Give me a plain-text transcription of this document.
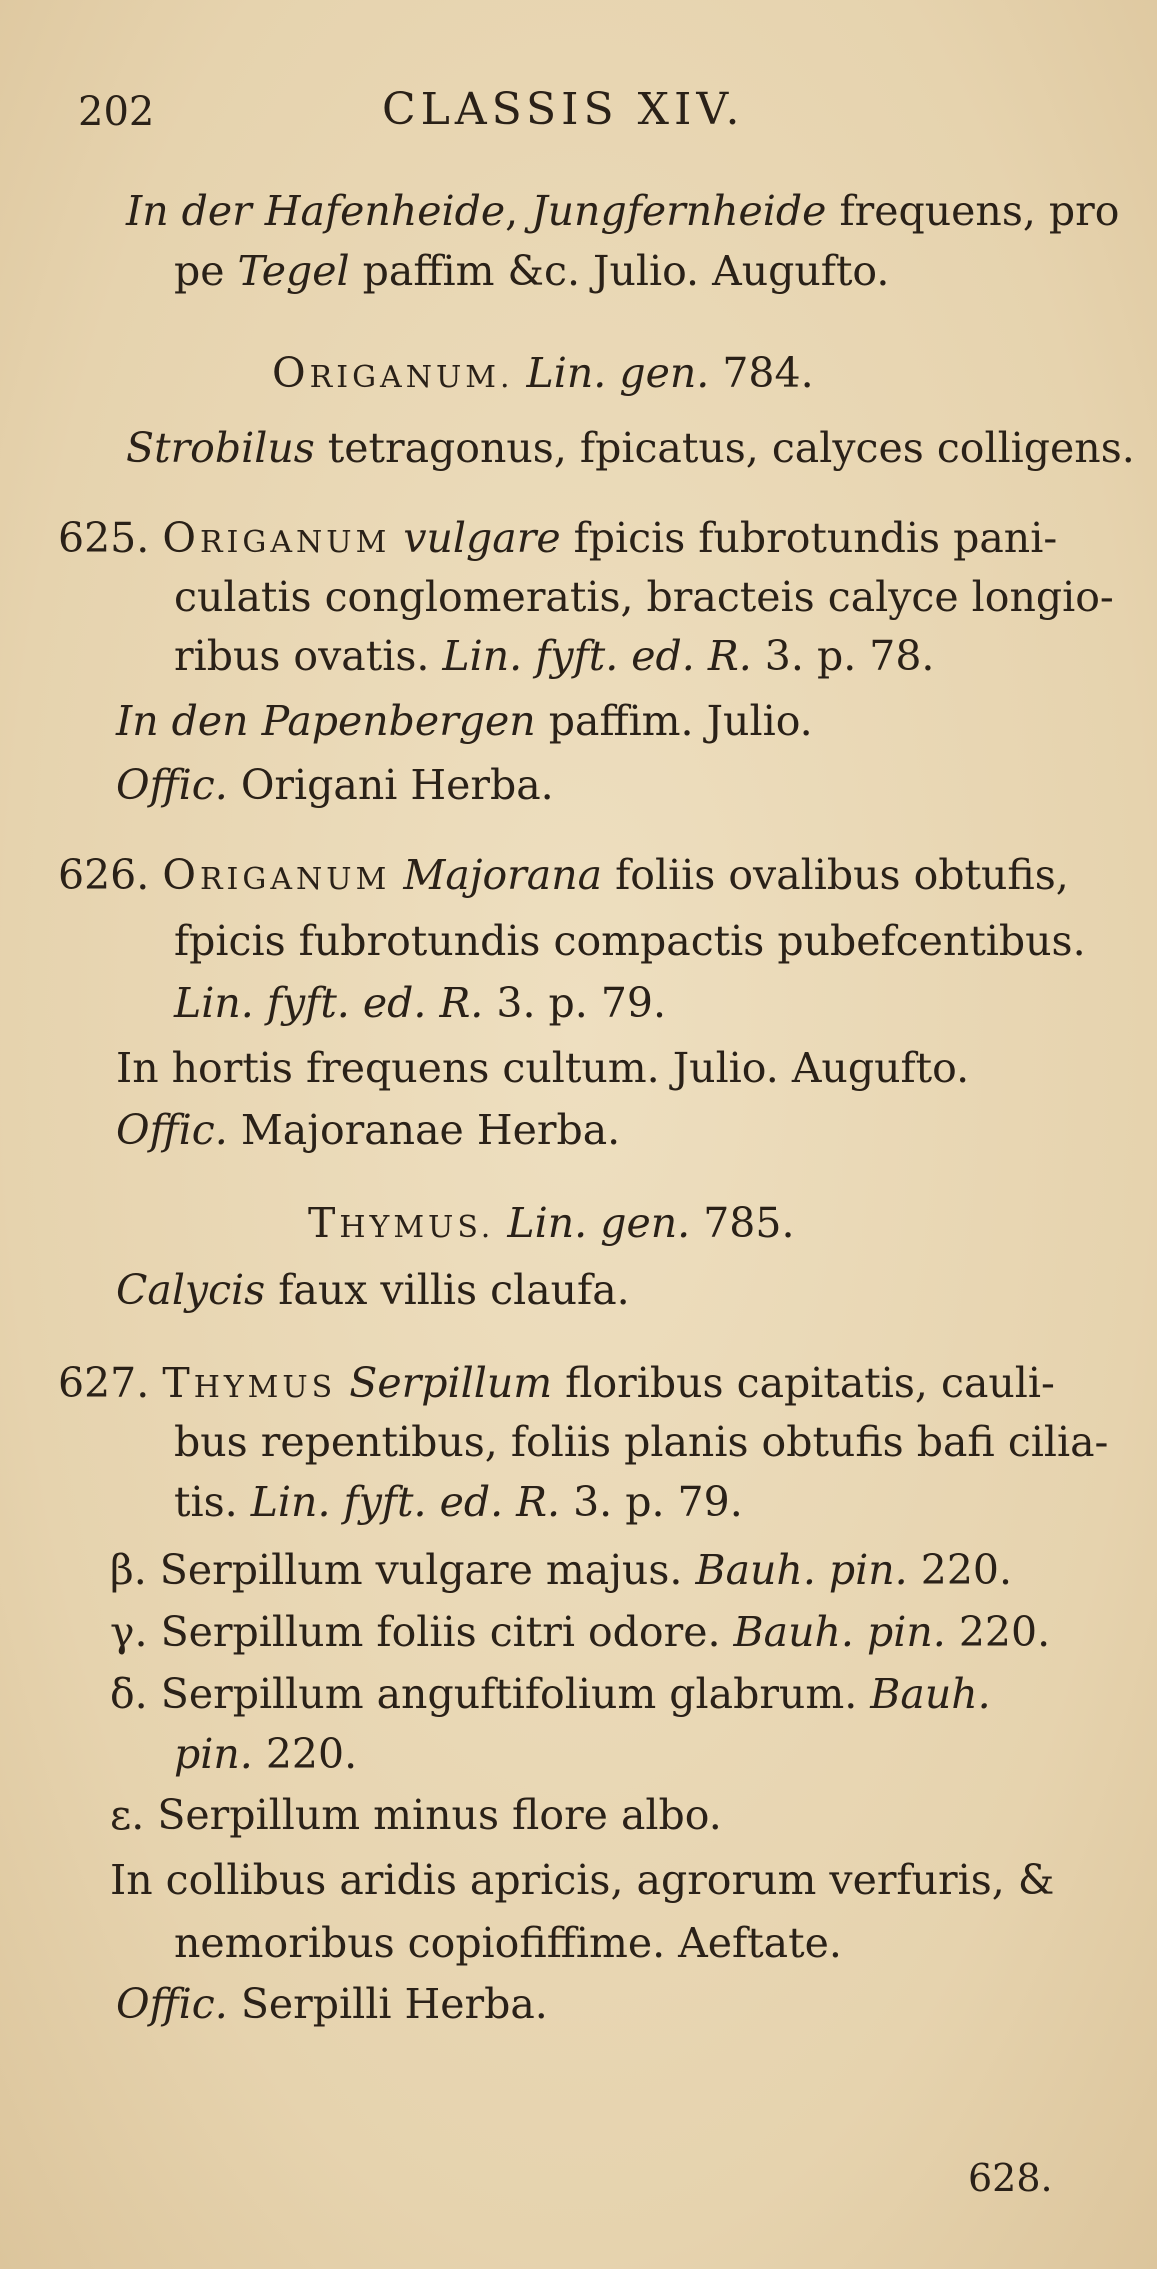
202	CLASSIS XIV.
In der Hafenheide, Jungfernheide frequens, pro
pe Tegel paffim &c. Julio. Augufto.
ORIGANUM. Lin. gen. 784.
Strobilus tetragonus, fpicatus, calyces colligens.
625. ORIGANUM vulgare fpicis fubrotundis pani-
culatis conglomeratis, bracteis calyce longio-
ribus ovatis. Lin. fyft. ed. R. 3. p. 78.
In den Papenbergen paffim. Julio.
Offic. Origani Herba.
626. ORIGANUM Majorana foliis ovalibus obtufis,
fpicis fubrotundis compactis pubefcentibus.
Lin. fyft. ed. R. 3. p. 79.
In hortis frequens cultum. Julio. Augufto.
Offic. Majoranae Herba.
THYMUS. Lin. gen. 785.
Calycis faux villis claufa.
627. THYMUS Serpillum floribus capitatis, cauli-
bus repentibus, foliis planis obtufis bafi cilia-
tis. Lin. fyft. ed. R. 3. p. 79.
β. Serpillum vulgare majus. Bauh. pin. 220.
γ. Serpillum foliis citri odore. Bauh. pin. 220.
δ. Serpillum anguftifolium glabrum. Bauh.
pin. 220.
ε. Serpillum minus flore albo.
In collibus aridis apricis, agrorum verfuris, &
nemoribus copiofiffime. Aeftate.
Offic. Serpilli Herba.
628.
